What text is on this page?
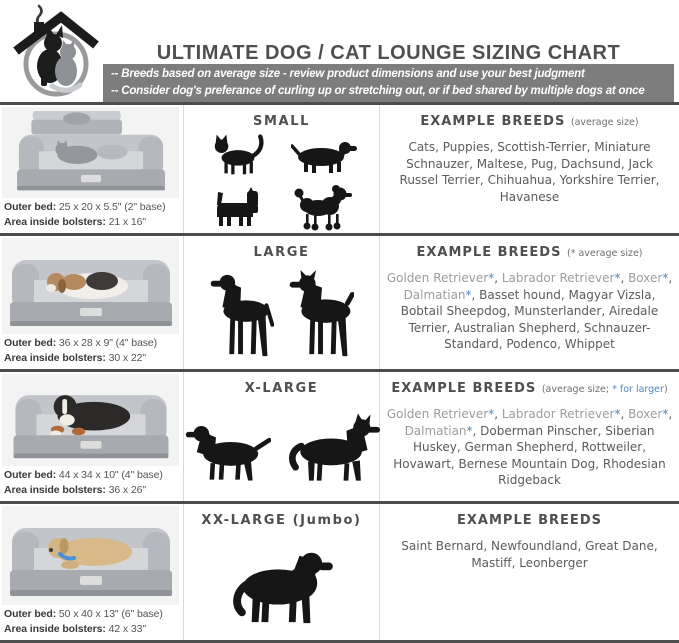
ULTIMATE DOG / CAT LOUNGE SIZING CHART
-- Breeds based on average size - review product dimensions and use your best judgment
-- Consider dog's preferance of curling up or stretching out, or if bed shared by multiple dogs at once
Outer bed: 25 x 20 x 5.5" (2" base)
Area inside bolsters: 21 x 16"
SMALL	EXAMPLE BREEDS (average size)
Cats, Puppies, Scottish-Terrier, Miniature Schnauzer, Maltese, Pug, Dachsund, Jack Russel Terrier, Chihuahua, Yorkshire Terrier, Havanese
Outer bed: 36 x 28 x 9" (4" base)
Area inside bolsters: 30 x 22"
LARGE	EXAMPLE BREEDS (* average size)
Golden Retriever*, Labrador Retriever*, Boxer*, Dalmatian*, Basset hound, Magyar Vizsla, Bobtail Sheepdog, Munsterlander, Airedale Terrier, Australian Shepherd, Schnauzer-Standard, Podenco, Whippet
Outer bed: 44 x 34 x 10" (4" base)
Area inside bolsters: 36 x 26"
X-LARGE	EXAMPLE BREEDS (average size; * for larger)
Golden Retriever*, Labrador Retriever*, Boxer*, Dalmatian*, Doberman Pinscher, Siberian Huskey, German Shepherd, Rottweiler, Hovawart, Bernese Mountain Dog, Rhodesian Ridgeback
Outer bed: 50 x 40 x 13" (6" base)
Area inside bolsters: 42 x 33"
XX-LARGE (Jumbo)	EXAMPLE BREEDS
Saint Bernard, Newfoundland, Great Dane, Mastiff, Leonberger
